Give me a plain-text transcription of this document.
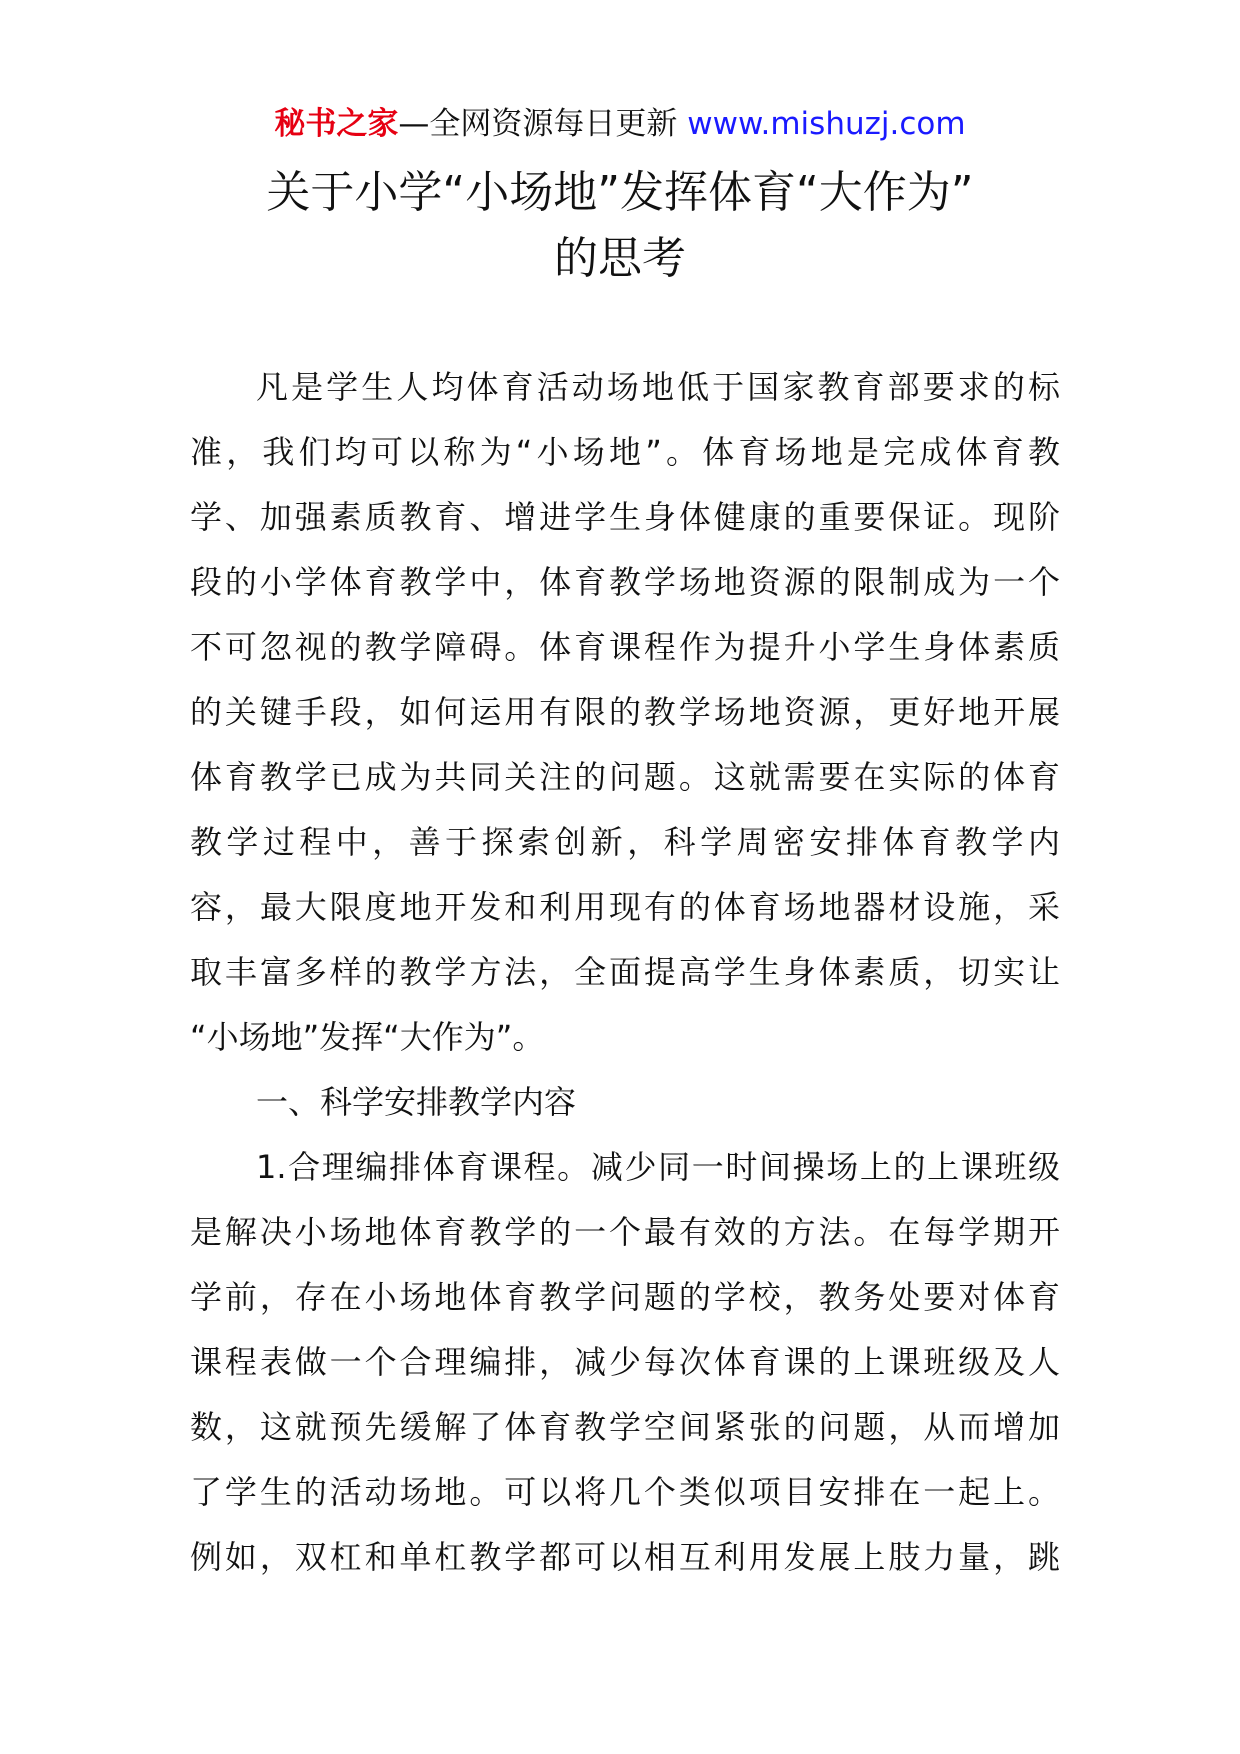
秘书之家—全网资源每日更新 www.mishuzj.com
关于小学“小场地”发挥体育“大作为”
的思考
凡是学生人均体育活动场地低于国家教育部要求的标
准，我们均可以称为“小场地”。体育场地是完成体育教
学、加强素质教育、增进学生身体健康的重要保证。现阶
段的小学体育教学中，体育教学场地资源的限制成为一个
不可忽视的教学障碍。体育课程作为提升小学生身体素质
的关键手段，如何运用有限的教学场地资源，更好地开展
体育教学已成为共同关注的问题。这就需要在实际的体育
教学过程中，善于探索创新，科学周密安排体育教学内
容，最大限度地开发和利用现有的体育场地器材设施，采
取丰富多样的教学方法，全面提高学生身体素质，切实让
“小场地”发挥“大作为”。
一、科学安排教学内容
1.合理编排体育课程。减少同一时间操场上的上课班级
是解决小场地体育教学的一个最有效的方法。在每学期开
学前，存在小场地体育教学问题的学校，教务处要对体育
课程表做一个合理编排，减少每次体育课的上课班级及人
数，这就预先缓解了体育教学空间紧张的问题，从而增加
了学生的活动场地。可以将几个类似项目安排在一起上。
例如，双杠和单杠教学都可以相互利用发展上肢力量，跳
